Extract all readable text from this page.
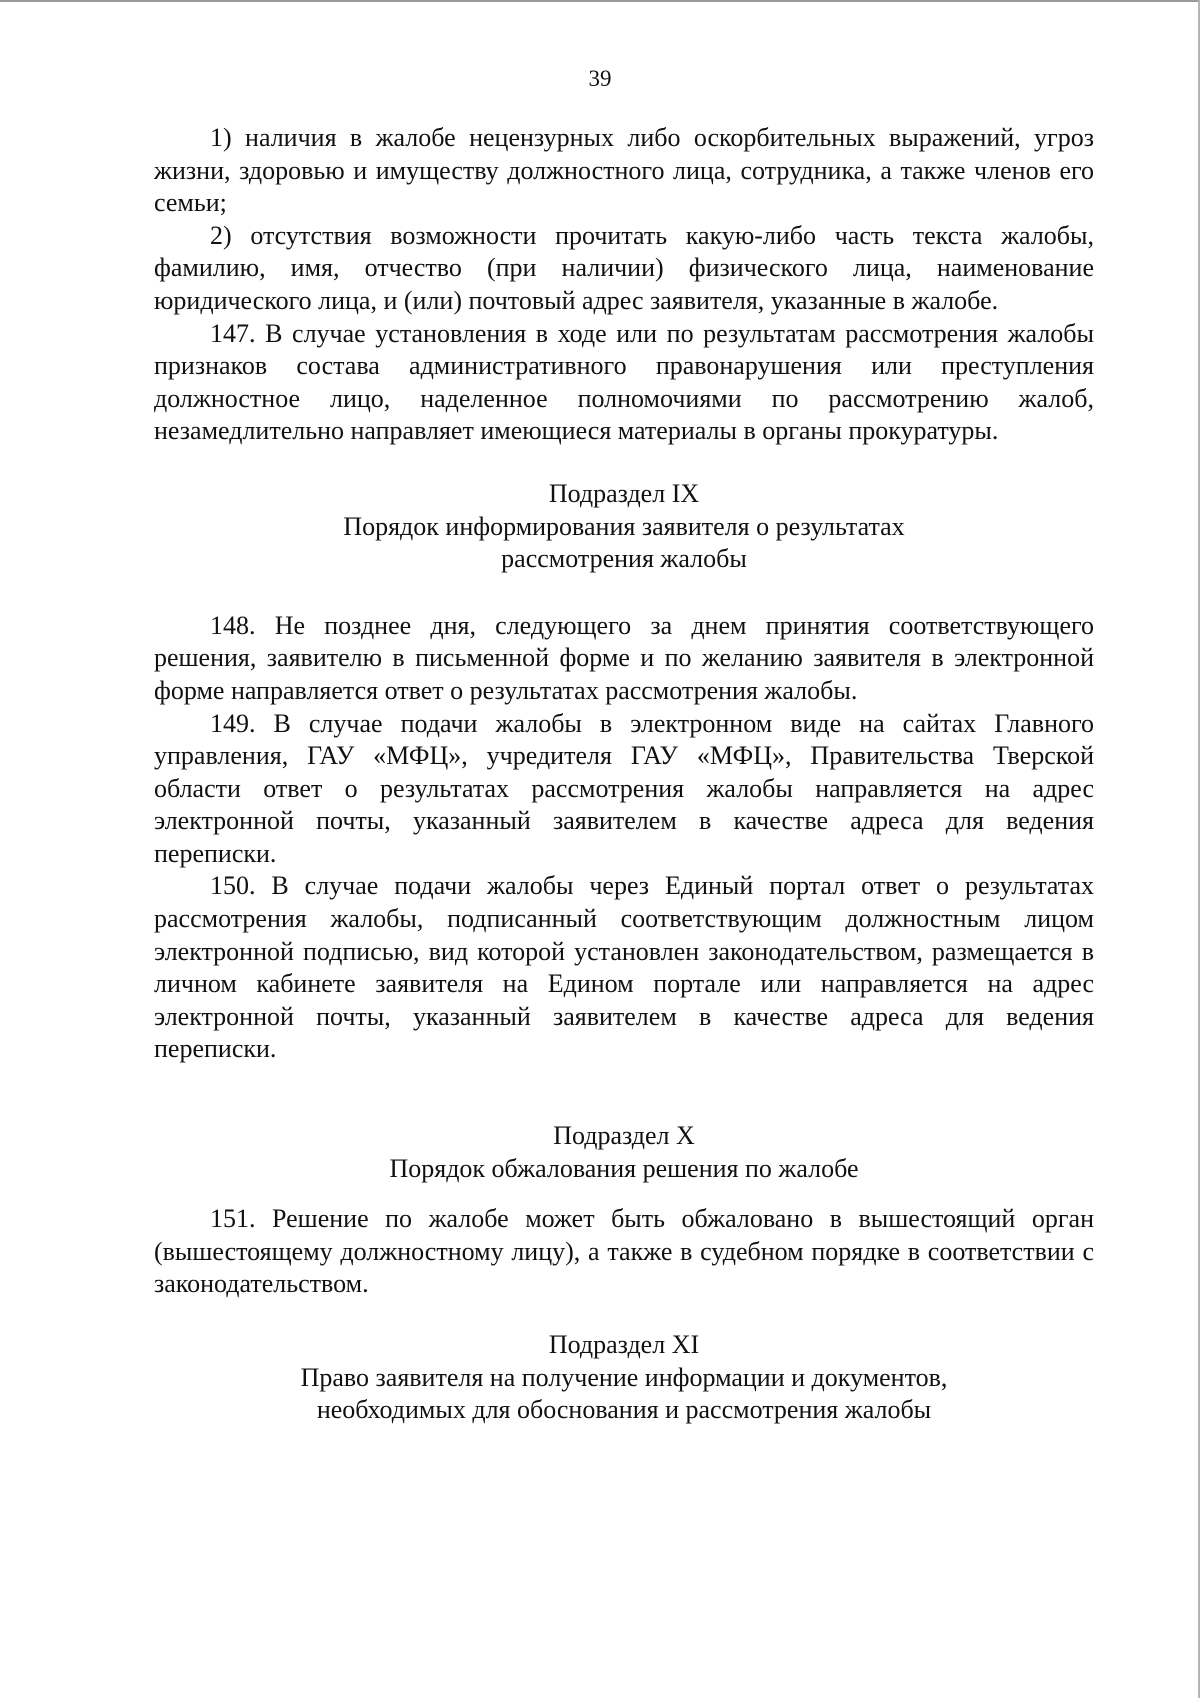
39

1) наличия в жалобе нецензурных либо оскорбительных выражений, угроз жизни, здоровью и имуществу должностного лица, сотрудника, а также членов его семьи;

2) отсутствия возможности прочитать какую-либо часть текста жалобы, фамилию, имя, отчество (при наличии) физического лица, наименование юридического лица, и (или) почтовый адрес заявителя, указанные в жалобе.

147. В случае установления в ходе или по результатам рассмотрения жалобы признаков состава административного правонарушения или преступления должностное лицо, наделенное полномочиями по рассмотрению жалоб, незамедлительно направляет имеющиеся материалы в органы прокуратуры.

Подраздел IX

Порядок информирования заявителя о результатах

рассмотрения жалобы

148. Не позднее дня, следующего за днем принятия соответствующего решения, заявителю в письменной форме и по желанию заявителя в электронной форме направляется ответ о результатах рассмотрения жалобы.

149. В случае подачи жалобы в электронном виде на сайтах Главного управления, ГАУ «МФЦ», учредителя ГАУ «МФЦ», Правительства Тверской области ответ о результатах рассмотрения жалобы направляется на адрес электронной почты, указанный заявителем в качестве адреса для ведения переписки.

150. В случае подачи жалобы через Единый портал ответ о результатах рассмотрения жалобы, подписанный соответствующим должностным лицом электронной подписью, вид которой установлен законодательством, размещается в личном кабинете заявителя на Едином портале или направляется на адрес электронной почты, указанный заявителем в качестве адреса для ведения переписки.

Подраздел X

Порядок обжалования решения по жалобе

151. Решение по жалобе может быть обжаловано в вышестоящий орган (вышестоящему должностному лицу), а также в судебном порядке в соответствии с законодательством.

Подраздел XI

Право заявителя на получение информации и документов,

необходимых для обоснования и рассмотрения жалобы
